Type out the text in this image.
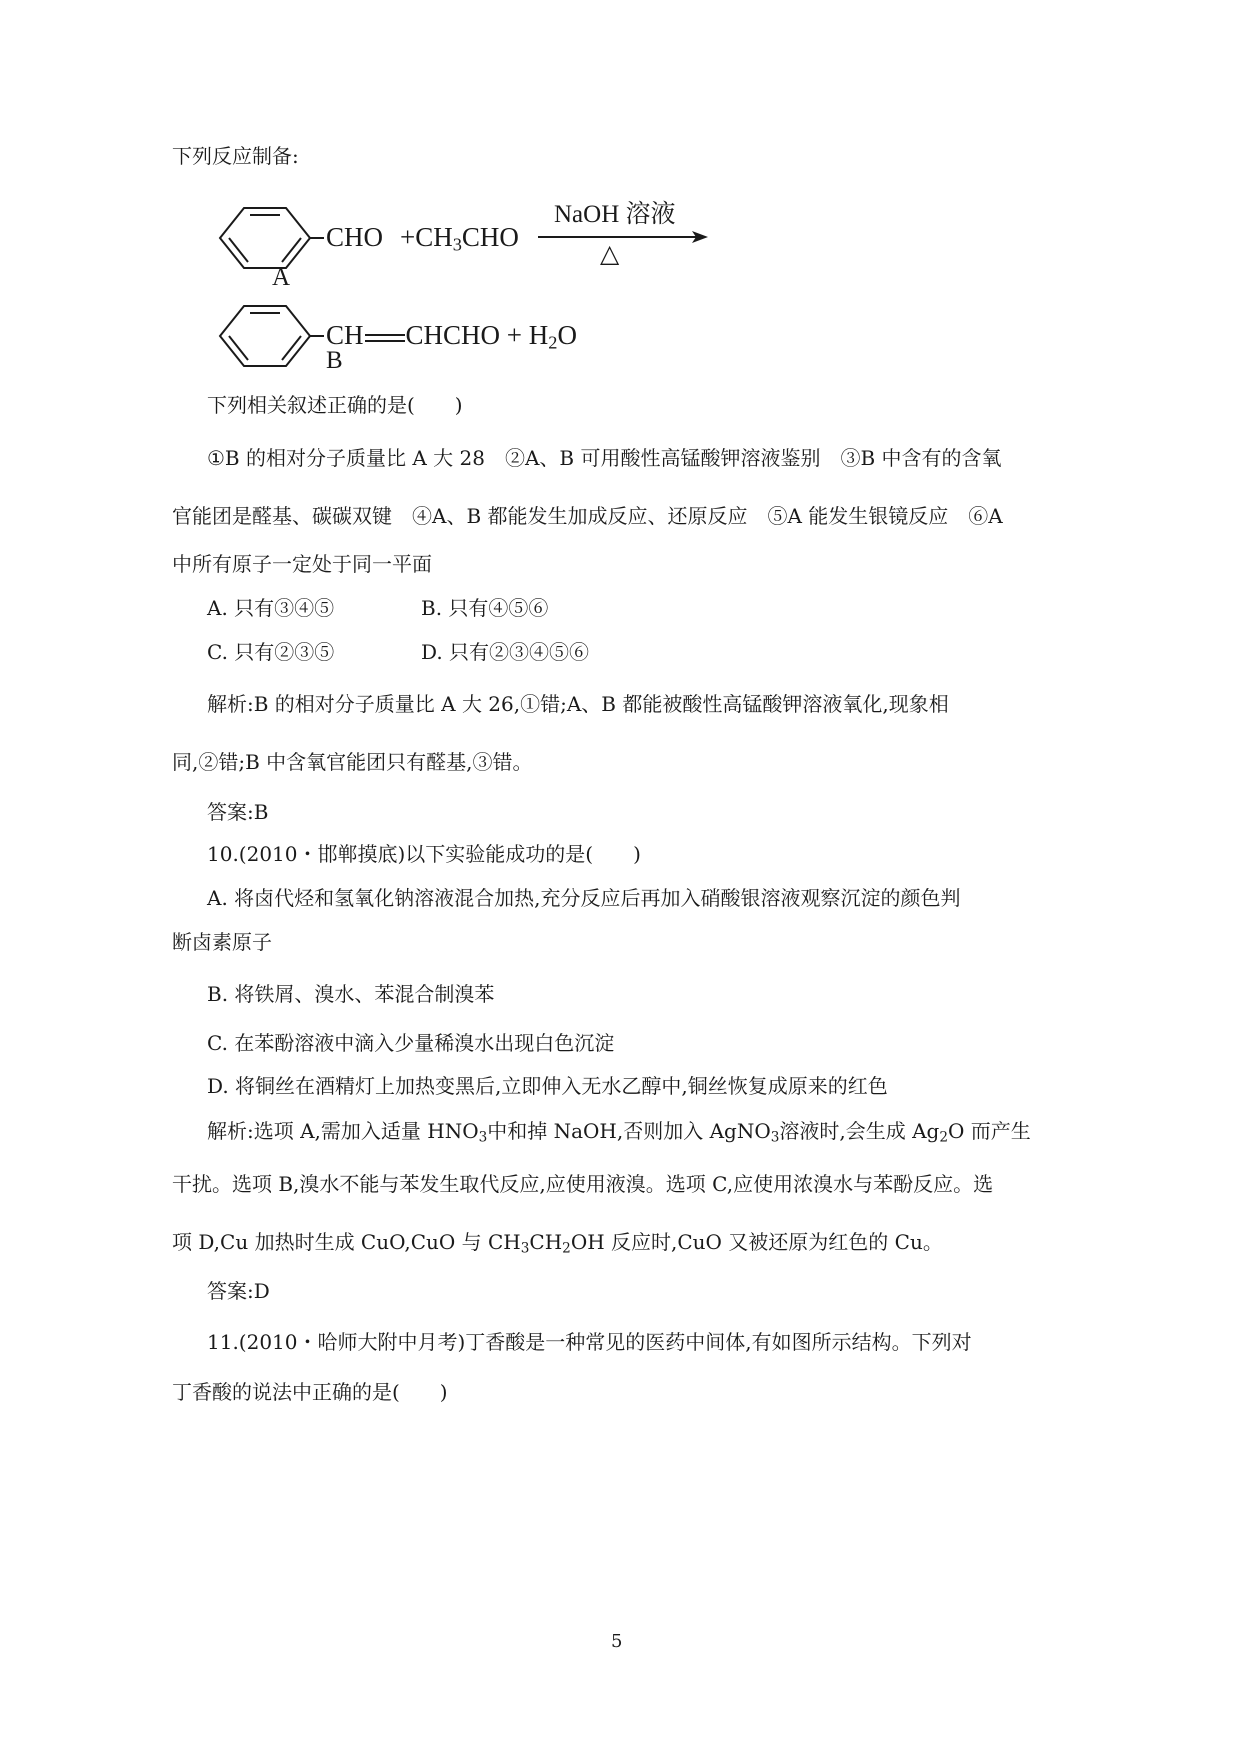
下列反应制备:
CHO
A
$+CH_3CHO$
NaOH 溶液
△
CH CHCHO + $H_2O$
B
下列相关叙述正确的是(　　)
①B 的相对分子质量比 A 大 28　②A、B 可用酸性高锰酸钾溶液鉴别　③B 中含有的含氧
官能团是醛基、碳碳双键　④A、B 都能发生加成反应、还原反应　⑤A 能发生银镜反应　⑥A
中所有原子一定处于同一平面
A. 只有③④⑤	B. 只有④⑤⑥
C. 只有②③⑤	D. 只有②③④⑤⑥
解析:B 的相对分子质量比 A 大 26,①错;A、B 都能被酸性高锰酸钾溶液氧化,现象相
同,②错;B 中含氧官能团只有醛基,③错。
答案:B
10.(2010・邯郸摸底)以下实验能成功的是(　　)
A. 将卤代烃和氢氧化钠溶液混合加热,充分反应后再加入硝酸银溶液观察沉淀的颜色判
断卤素原子
B. 将铁屑、溴水、苯混合制溴苯
C. 在苯酚溶液中滴入少量稀溴水出现白色沉淀
D. 将铜丝在酒精灯上加热变黑后,立即伸入无水乙醇中,铜丝恢复成原来的红色
解析:选项 A,需加入适量 $HNO_3$中和掉 NaOH,否则加入 AgNO$_3$溶液时,会生成 $Ag_2O$ 而产生
干扰。选项 B,溴水不能与苯发生取代反应,应使用液溴。选项 C,应使用浓溴水与苯酚反应。选
项 D,Cu 加热时生成 CuO,CuO 与 $CH_3CH_2OH$ 反应时,CuO 又被还原为红色的 Cu。
答案:D
11.(2010・哈师大附中月考)丁香酸是一种常见的医药中间体,有如图所示结构。下列对
丁香酸的说法中正确的是(　　)
5
